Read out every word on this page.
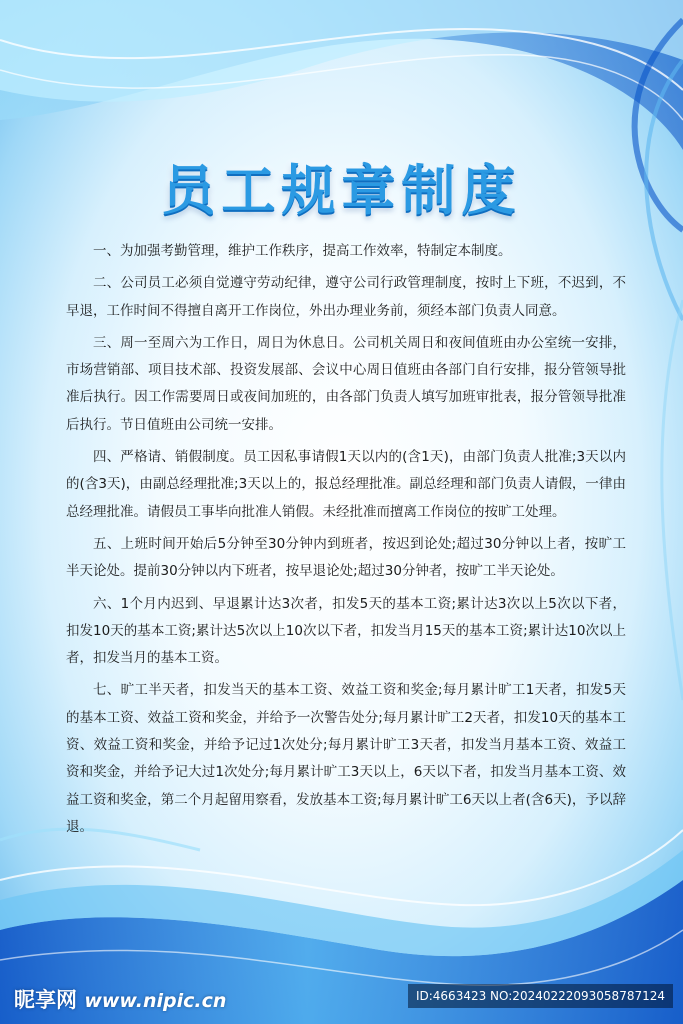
员工规章制度

一、为加强考勤管理，维护工作秩序，提高工作效率，特制定本制度。

二、公司员工必须自觉遵守劳动纪律，遵守公司行政管理制度，按时上下班，不迟到，不早退，工作时间不得擅自离开工作岗位，外出办理业务前，须经本部门负责人同意。

三、周一至周六为工作日，周日为休息日。公司机关周日和夜间值班由办公室统一安排，市场营销部、项目技术部、投资发展部、会议中心周日值班由各部门自行安排，报分管领导批准后执行。因工作需要周日或夜间加班的，由各部门负责人填写加班审批表，报分管领导批准后执行。节日值班由公司统一安排。

四、严格请、销假制度。员工因私事请假1天以内的(含1天)，由部门负责人批准;3天以内的(含3天)，由副总经理批准;3天以上的，报总经理批准。副总经理和部门负责人请假，一律由总经理批准。请假员工事毕向批准人销假。未经批准而擅离工作岗位的按旷工处理。

五、上班时间开始后5分钟至30分钟内到班者，按迟到论处;超过30分钟以上者，按旷工半天论处。提前30分钟以内下班者，按早退论处;超过30分钟者，按旷工半天论处。

六、1个月内迟到、早退累计达3次者，扣发5天的基本工资;累计达3次以上5次以下者，扣发10天的基本工资;累计达5次以上10次以下者，扣发当月15天的基本工资;累计达10次以上者，扣发当月的基本工资。

七、旷工半天者，扣发当天的基本工资、效益工资和奖金;每月累计旷工1天者，扣发5天的基本工资、效益工资和奖金，并给予一次警告处分;每月累计旷工2天者，扣发10天的基本工资、效益工资和奖金，并给予记过1次处分;每月累计旷工3天者，扣发当月基本工资、效益工资和奖金，并给予记大过1次处分;每月累计旷工3天以上，6天以下者，扣发当月基本工资、效益工资和奖金，第二个月起留用察看，发放基本工资;每月累计旷工6天以上者(含6天)，予以辞退。

昵享网 www.nipic.cn	ID:4663423 NO:20240222093058787124
